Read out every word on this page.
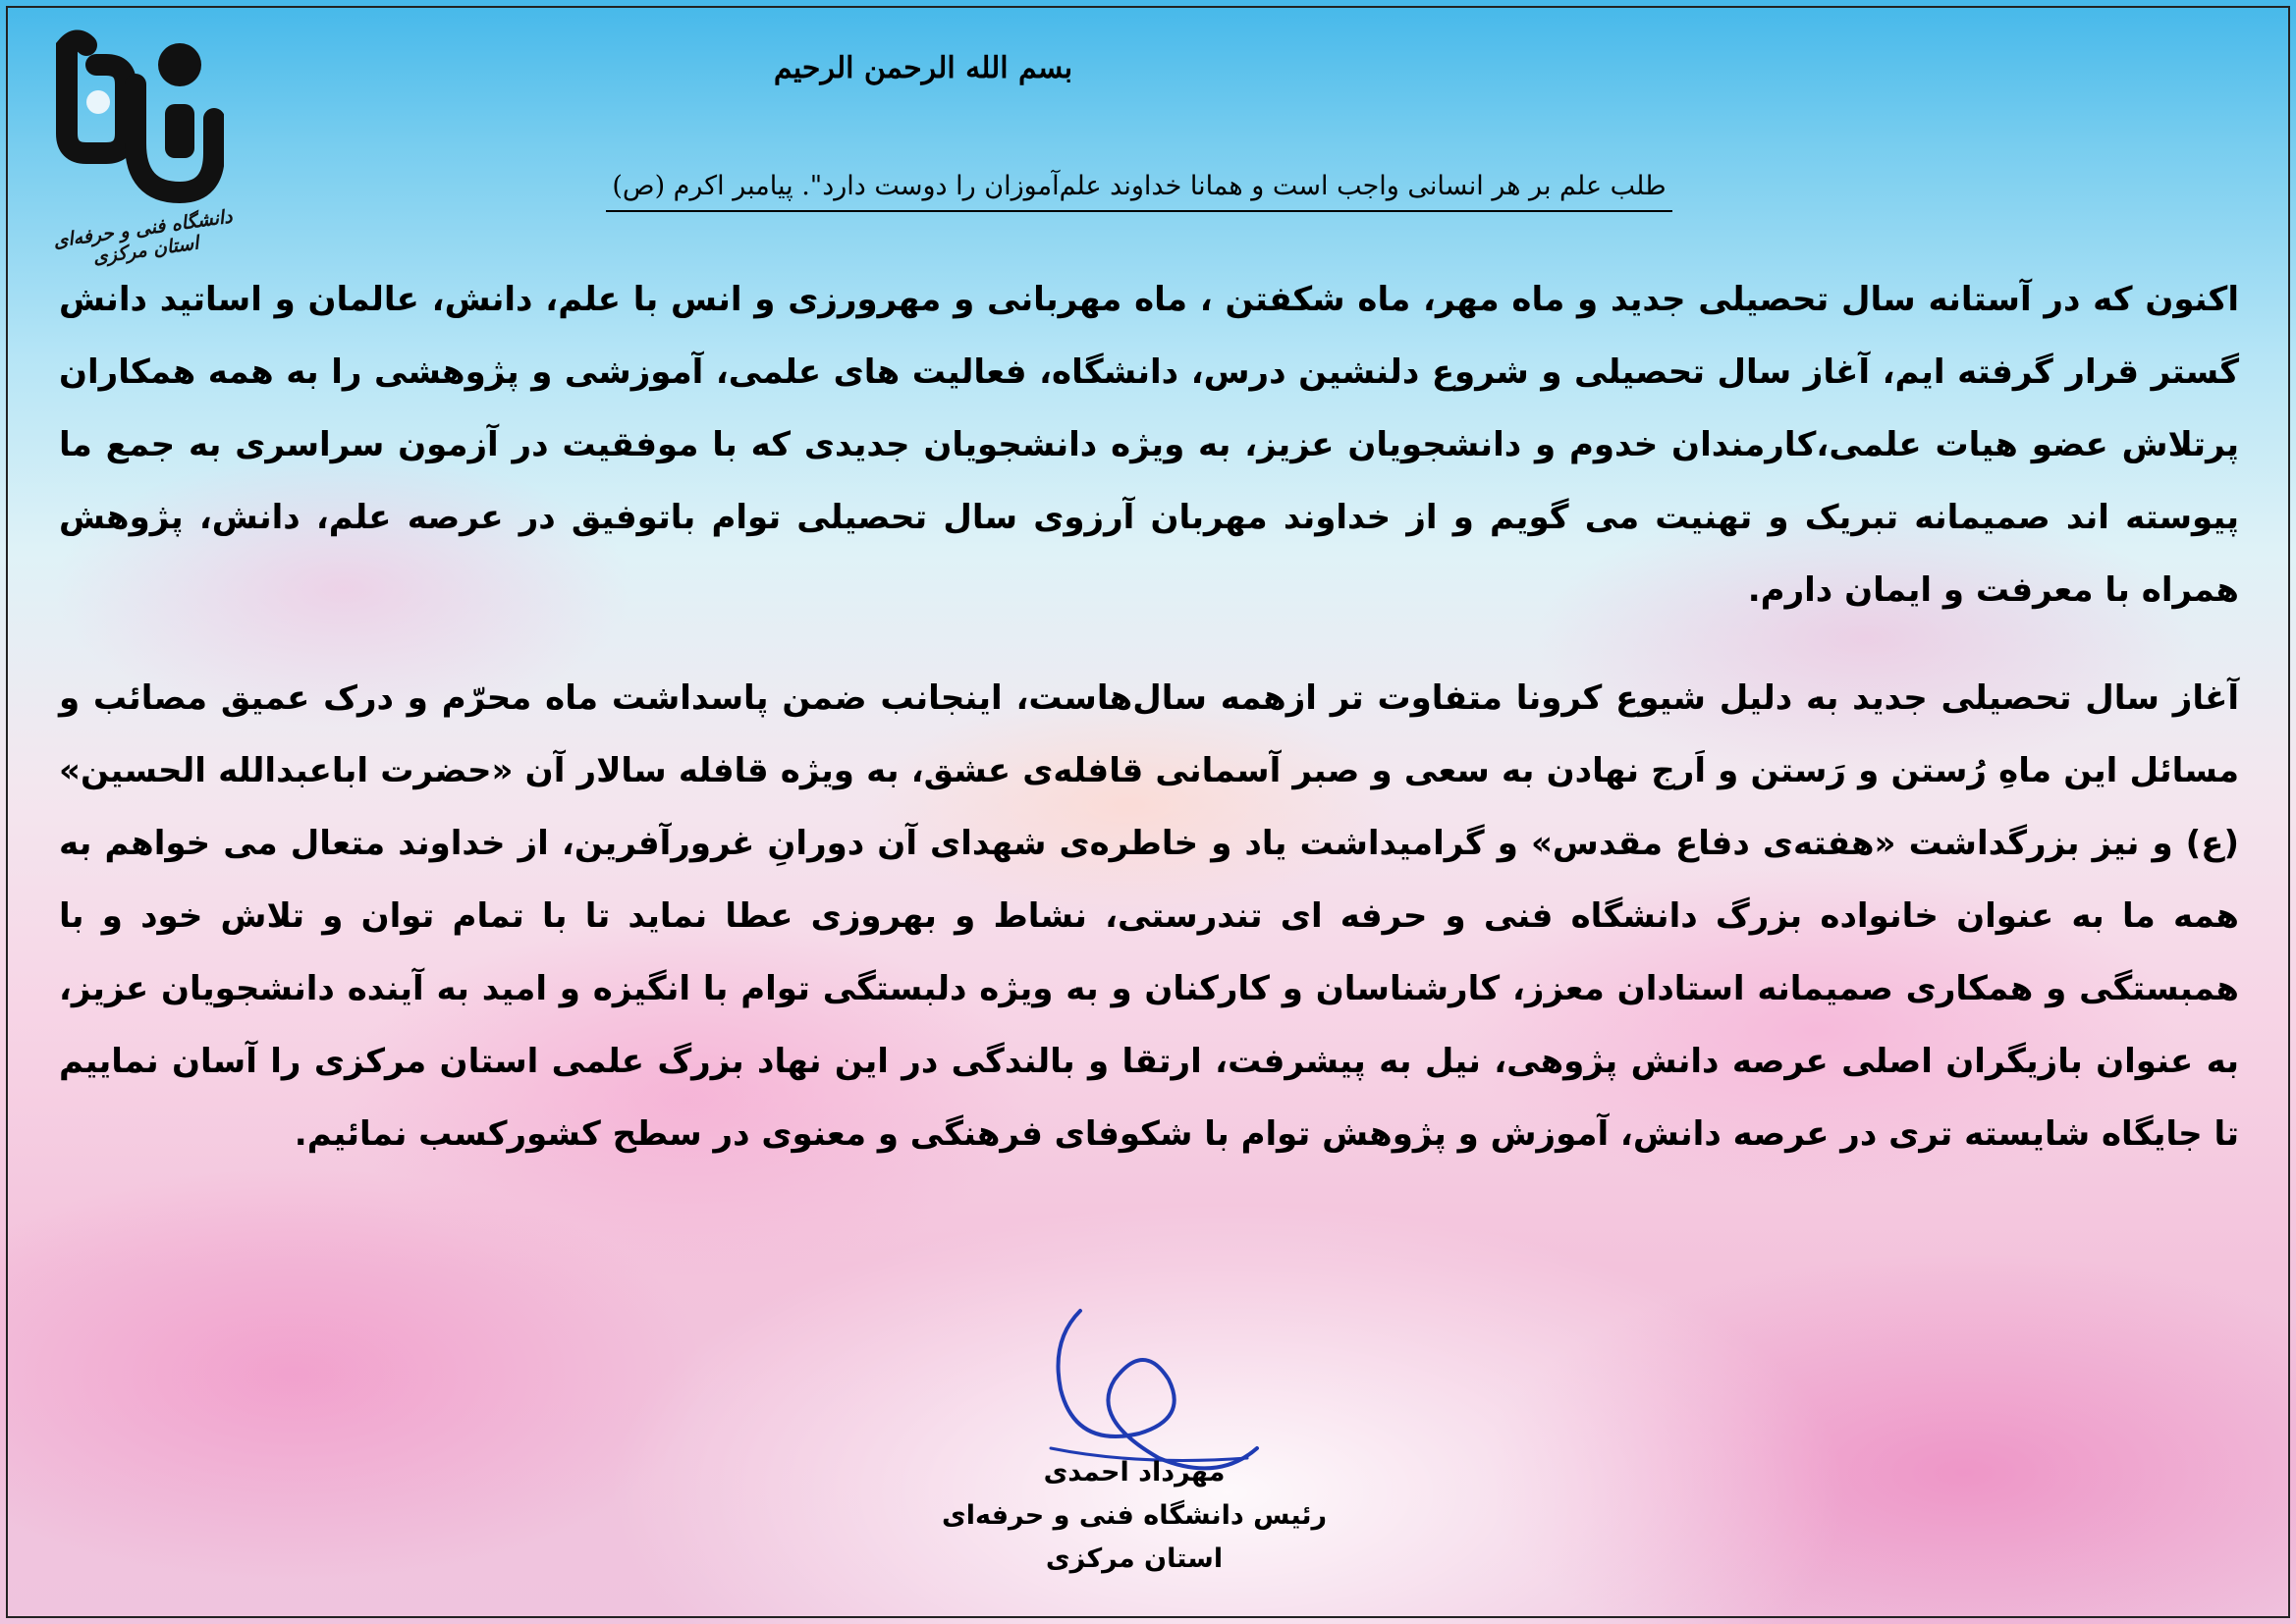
دانشگاه فنی و حرفه‌ای استان مرکزی
بسم الله الرحمن الرحیم
طلب علم بر هر انسانی واجب است و همانا خداوند علم‌آموزان را دوست دارد". پیامبر اکرم (ص)

اکنون که در آستانه سال تحصیلی جدید و ماه مهر، ماه شکفتن ، ماه مهربانی و مهرورزی و انس با علم، دانش، عالمان و اساتید دانش گستر قرار گرفته ایم، آغاز سال تحصیلی و شروع دلنشین درس، دانشگاه، فعالیت های علمی، آموزشی و پژوهشی را به همه همکاران پرتلاش عضو هیات علمی،کارمندان خدوم و دانشجویان عزیز، به ویژه دانشجویان جدیدی که با موفقیت در آزمون سراسری به جمع ما پیوسته اند صمیمانه تبریک و تهنیت می گویم و از خداوند مهربان آرزوی سال تحصیلی توام باتوفیق در عرصه علم، دانش، پژوهش همراه با معرفت و ایمان دارم.

آغاز سال تحصیلی جدید به دلیل شیوع کرونا متفاوت تر ازهمه سال‌هاست، اینجانب ضمن پاسداشت ماه محرّم و درک عمیق مصائب و مسائل این ماهِ رُستن و رَستن و اَرج نهادن به سعی و صبر آسمانی قافله‌ی عشق، به ویژه قافله سالار آن «حضرت اباعبدالله الحسین» (ع) و نیز بزرگداشت «هفته‌ی دفاع مقدس» و گرامیداشت یاد و خاطره‌ی شهدای آن دورانِ غرورآفرین، از خداوند متعال می خواهم به همه ما به عنوان خانواده بزرگ دانشگاه فنی و حرفه ای تندرستی، نشاط و بهروزی عطا نماید تا با تمام توان و تلاش خود و با همبستگی و همکاری صمیمانه استادان معزز، کارشناسان و کارکنان و به ویژه دلبستگی توام با انگیزه و امید به آینده دانشجویان عزیز، به عنوان بازیگران اصلی عرصه دانش پژوهی، نیل به پیشرفت، ارتقا و بالندگی در این نهاد بزرگ علمی استان مرکزی را آسان نماییم تا جایگاه شایسته تری در عرصه دانش، آموزش و پژوهش توام با شکوفای فرهنگی و معنوی در سطح کشورکسب نمائیم.

مهرداد احمدی
رئیس دانشگاه فنی و حرفه‌ای
استان مرکزی
